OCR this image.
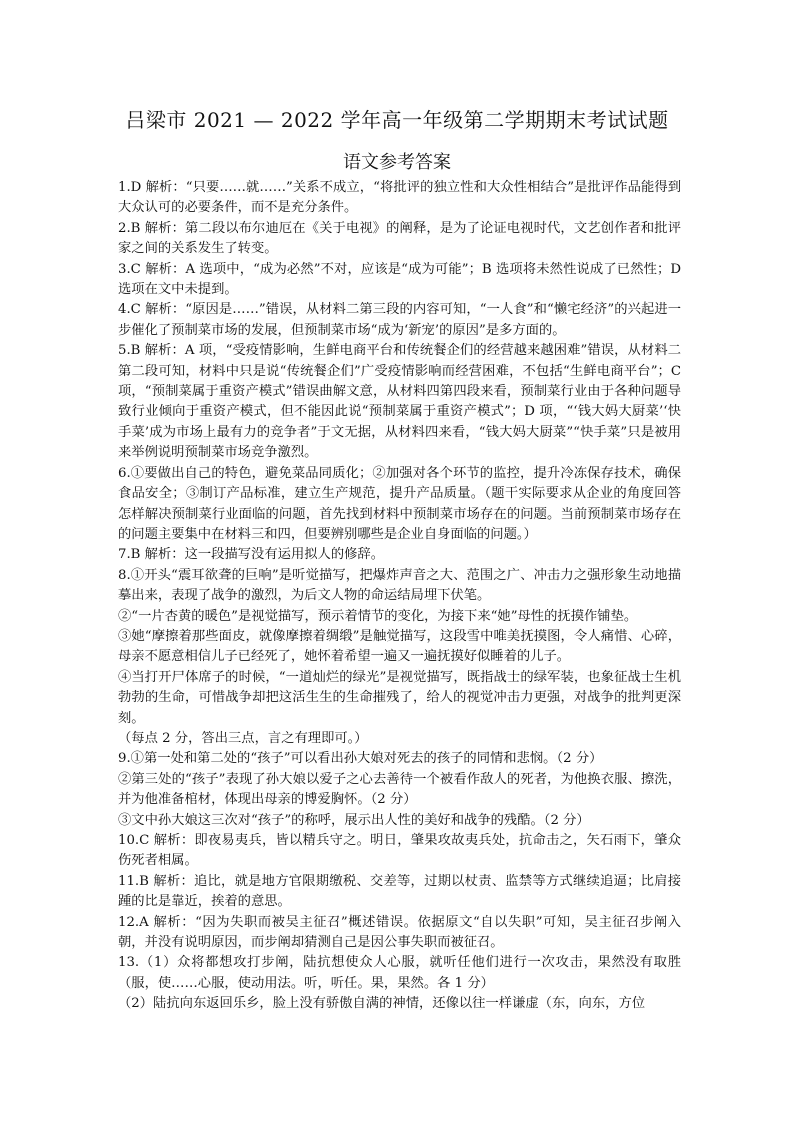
吕梁市 2021 — 2022 学年高一年级第二学期期末考试试题
语文参考答案

1.D 解析：“只要……就……”关系不成立，“将批评的独立性和大众性相结合”是批评作品能得到大众认可的必要条件，而不是充分条件。

2.B 解析：第二段以布尔迪厄在《关于电视》的阐释，是为了论证电视时代，文艺创作者和批评家之间的关系发生了转变。

3.C 解析：A 选项中，“成为必然”不对，应该是“成为可能”；B 选项将未然性说成了已然性；D 选项在文中未提到。

4.C 解析：“原因是……”错误，从材料二第三段的内容可知，“一人食”和“懒宅经济”的兴起进一步催化了预制菜市场的发展，但预制菜市场“成为‘新宠’的原因”是多方面的。

5.B 解析：A 项，“受疫情影响，生鲜电商平台和传统餐企们的经营越来越困难”错误，从材料二第二段可知，材料中只是说“传统餐企们”广受疫情影响而经营困难，不包括“生鲜电商平台”；C 项，“预制菜属于重资产模式”错误曲解文意，从材料四第四段来看，预制菜行业由于各种问题导致行业倾向于重资产模式，但不能因此说“预制菜属于重资产模式”；D 项，“‘钱大妈大厨菜’‘快手菜’成为市场上最有力的竞争者”于文无据，从材料四来看，“钱大妈大厨菜”“快手菜”只是被用来举例说明预制菜市场竞争激烈。

6.①要做出自己的特色，避免菜品同质化；②加强对各个环节的监控，提升冷冻保存技术，确保食品安全；③制订产品标准，建立生产规范，提升产品质量。（题干实际要求从企业的角度回答怎样解决预制菜行业面临的问题，首先找到材料中预制菜市场存在的问题。当前预制菜市场存在的问题主要集中在材料三和四，但要辨别哪些是企业自身面临的问题。）

7.B 解析：这一段描写没有运用拟人的修辞。

8.①开头“震耳欲聋的巨响”是听觉描写，把爆炸声音之大、范围之广、冲击力之强形象生动地描摹出来，表现了战争的激烈，为后文人物的命运结局埋下伏笔。

②“一片杏黄的暖色”是视觉描写，预示着情节的变化，为接下来“她”母性的抚摸作铺垫。

③她“摩擦着那些面皮，就像摩擦着绸缎”是触觉描写，这段雪中唯美抚摸图，令人痛惜、心碎，母亲不愿意相信儿子已经死了，她怀着希望一遍又一遍抚摸好似睡着的儿子。

④当打开尸体席子的时候，“一道灿烂的绿光”是视觉描写，既指战士的绿军装，也象征战士生机勃勃的生命，可惜战争却把这活生生的生命摧残了，给人的视觉冲击力更强，对战争的批判更深刻。

（每点 2 分，答出三点，言之有理即可。）

9.①第一处和第二处的“孩子”可以看出孙大娘对死去的孩子的同情和悲悯。（2 分）

②第三处的“孩子”表现了孙大娘以爱子之心去善待一个被看作敌人的死者，为他换衣服、擦洗，并为他准备棺材，体现出母亲的博爱胸怀。（2 分）

③文中孙大娘这三次对“孩子”的称呼，展示出人性的美好和战争的残酷。（2 分）

10.C 解析：即夜易夷兵，皆以精兵守之。明日，肇果攻故夷兵处，抗命击之，矢石雨下，肇众伤死者相属。

11.B 解析：追比，就是地方官限期缴税、交差等，过期以杖责、监禁等方式继续追逼；比肩接踵的比是靠近，挨着的意思。

12.A 解析：“因为失职而被吴主征召”概述错误。依据原文“自以失职”可知，吴主征召步阐入朝，并没有说明原因，而步阐却猜测自己是因公事失职而被征召。

13.（1）众将都想攻打步阐，陆抗想使众人心服，就听任他们进行一次攻击，果然没有取胜（服，使……心服，使动用法。听，听任。果，果然。各 1 分）

（2）陆抗向东返回乐乡，脸上没有骄傲自满的神情，还像以往一样谦虚（东，向东，方位
